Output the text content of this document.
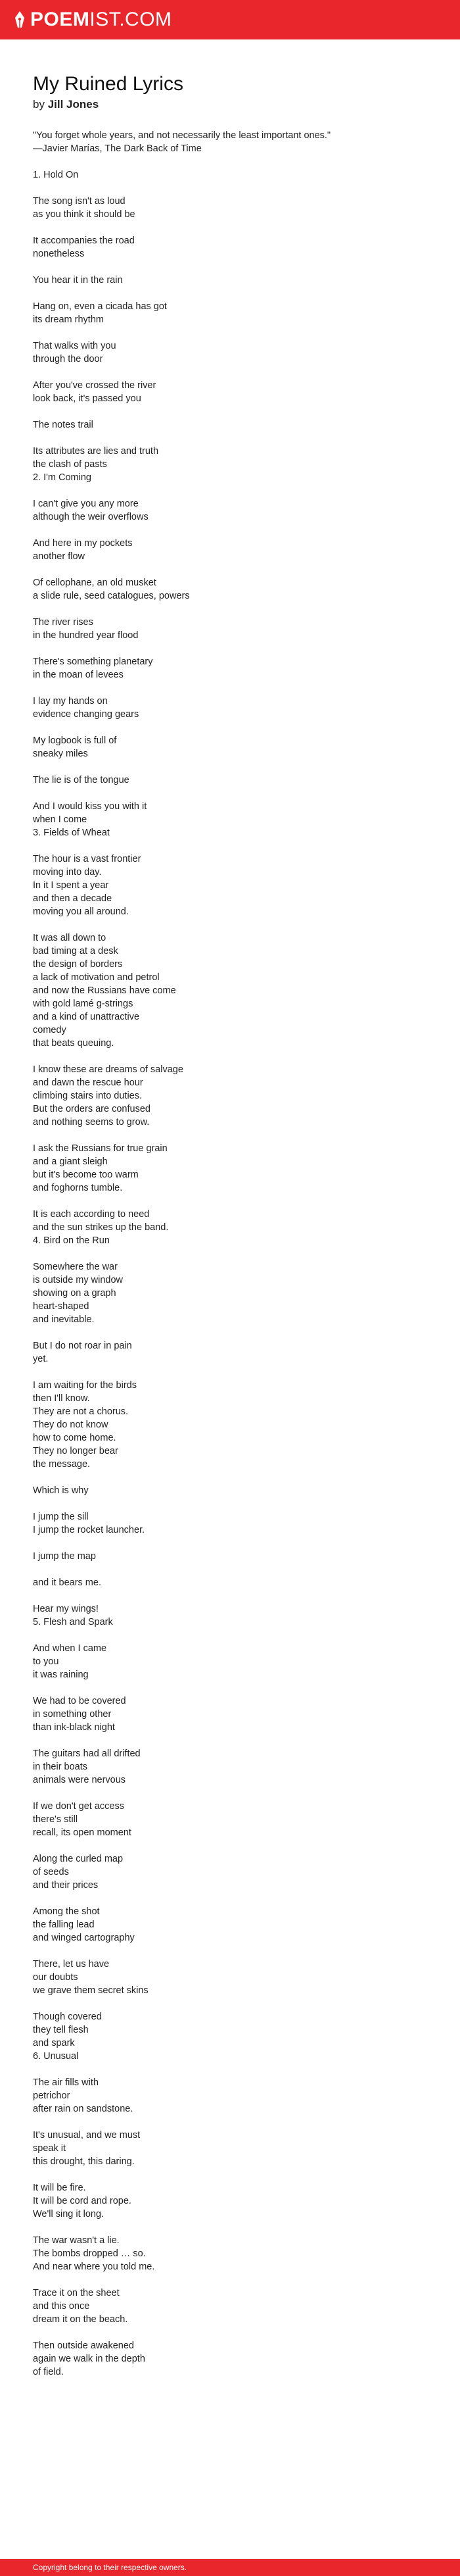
POEM IST.COM
My Ruined Lyrics
by Jill Jones

"You forget whole years, and not necessarily the least important ones."
—Javier Marías, The Dark Back of Time

1. Hold On

The song isn't as loud
as you think it should be

It accompanies the road
nonetheless

You hear it in the rain

Hang on, even a cicada has got
its dream rhythm

That walks with you
through the door

After you've crossed the river
look back, it's passed you

The notes trail

Its attributes are lies and truth
the clash of pasts
2. I'm Coming

I can't give you any more
although the weir overflows

And here in my pockets
another flow

Of cellophane, an old musket
a slide rule, seed catalogues, powers

The river rises
in the hundred year flood

There's something planetary
in the moan of levees

I lay my hands on
evidence changing gears

My logbook is full of
sneaky miles

The lie is of the tongue

And I would kiss you with it
when I come
3. Fields of Wheat

The hour is a vast frontier
moving into day.
In it I spent a year
and then a decade
moving you all around.

It was all down to
bad timing at a desk
the design of borders
a lack of motivation and petrol
and now the Russians have come
with gold lamé g-strings
and a kind of unattractive
comedy
that beats queuing.

I know these are dreams of salvage
and dawn the rescue hour
climbing stairs into duties.
But the orders are confused
and nothing seems to grow.

I ask the Russians for true grain
and a giant sleigh
but it's become too warm
and foghorns tumble.

It is each according to need
and the sun strikes up the band.
4. Bird on the Run

Somewhere the war
is outside my window
showing on a graph
heart-shaped
and inevitable.

But I do not roar in pain
yet.

I am waiting for the birds
then I'll know.
They are not a chorus.
They do not know
how to come home.
They no longer bear
the message.

Which is why

I jump the sill
I jump the rocket launcher.

I jump the map

and it bears me.

Hear my wings!
5. Flesh and Spark

And when I came
to you
it was raining

We had to be covered
in something other
than ink-black night

The guitars had all drifted
in their boats
animals were nervous

If we don't get access
there's still
recall, its open moment

Along the curled map
of seeds
and their prices

Among the shot
the falling lead
and winged cartography

There, let us have
our doubts
we grave them secret skins

Though covered
they tell flesh
and spark
6. Unusual

The air fills with
petrichor
after rain on sandstone.

It's unusual, and we must
speak it
this drought, this daring.

It will be fire.
It will be cord and rope.
We'll sing it long.

The war wasn't a lie.
The bombs dropped … so.
And near where you told me.

Trace it on the sheet
and this once
dream it on the beach.

Then outside awakened
again we walk in the depth
of field.

Copyright belong to their respective owners.
